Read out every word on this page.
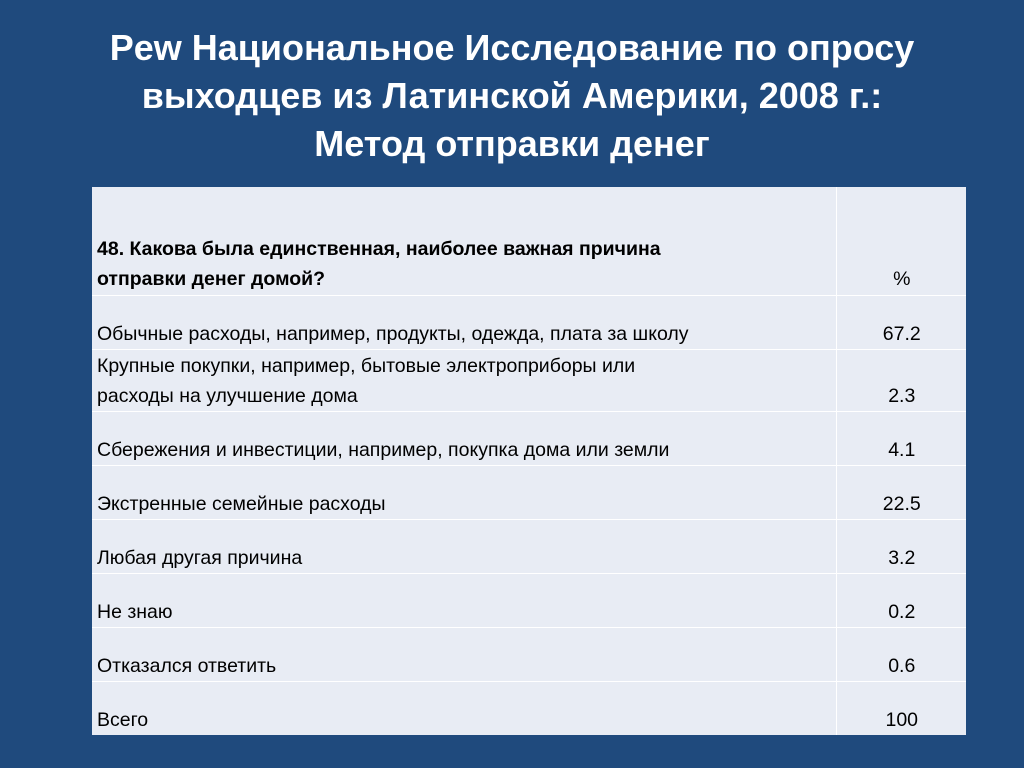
Pew Национальное Исследование по опросу
выходцев из Латинской Америки, 2008 г.:
Метод отправки денег
48. Какова была единственная, наиболее важная причина
отправки денег домой?	%
Обычные расходы, например, продукты, одежда, плата за школу	67.2

Крупные покупки, например, бытовые электроприборы или
расходы на улучшение дома	2.3
Сбережения и инвестиции, например, покупка дома или земли	4.1
Экстренные семейные расходы	22.5
Любая другая причина	3.2
Не знаю	0.2
Отказался ответить	0.6
Всего	100
